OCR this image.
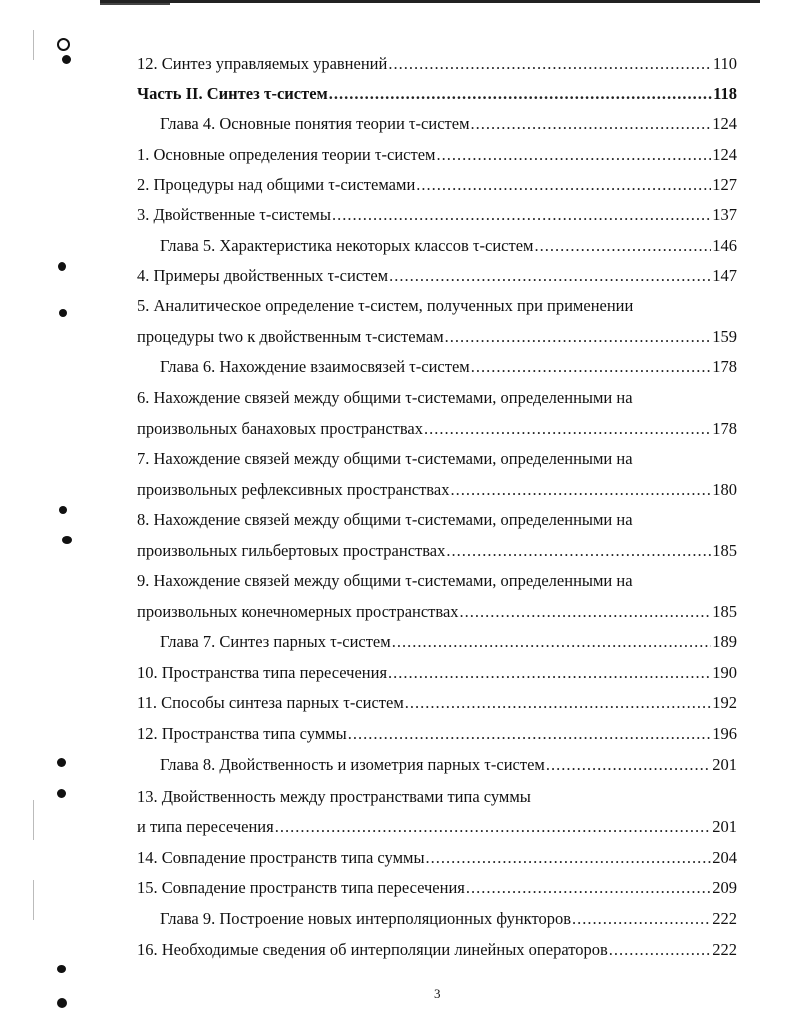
12. Синтез управляемых уравнений .....	110
Часть II. Синтез τ-систем .....	118
Глава 4. Основные понятия теории τ-систем .....	124
1. Основные определения теории τ-систем .....	124
2. Процедуры над общими τ-системами .....	127
3. Двойственные τ-системы .....	137
Глава 5. Характеристика некоторых классов τ-систем .....	146
4. Примеры двойственных τ-систем .....	147
5. Аналитическое определение τ-систем, полученных при применении
процедуры two к двойственным τ-системам .....	159
Глава 6. Нахождение взаимосвязей τ-систем .....	178
6. Нахождение связей между общими τ-системами, определенными на
произвольных банаховых пространствах .....	178
7. Нахождение связей между общими τ-системами, определенными на
произвольных рефлексивных пространствах .....	180
8. Нахождение связей между общими τ-системами, определенными на
произвольных гильбертовых пространствах .....	185
9. Нахождение связей между общими τ-системами, определенными на
произвольных конечномерных пространствах .....	185
Глава 7. Синтез парных τ-систем .....	189
10. Пространства типа пересечения .....	190
11. Способы синтеза парных τ-систем .....	192
12. Пространства типа суммы .....	196
Глава 8. Двойственность и изометрия парных τ-систем .....	201
13. Двойственность между пространствами типа суммы
и типа пересечения .....	201
14. Совпадение пространств типа суммы .....	204
15. Совпадение пространств типа пересечения .....	209
Глава 9. Построение новых интерполяционных функторов .....	222
16. Необходимые сведения об интерполяции линейных операторов .....	222
3
